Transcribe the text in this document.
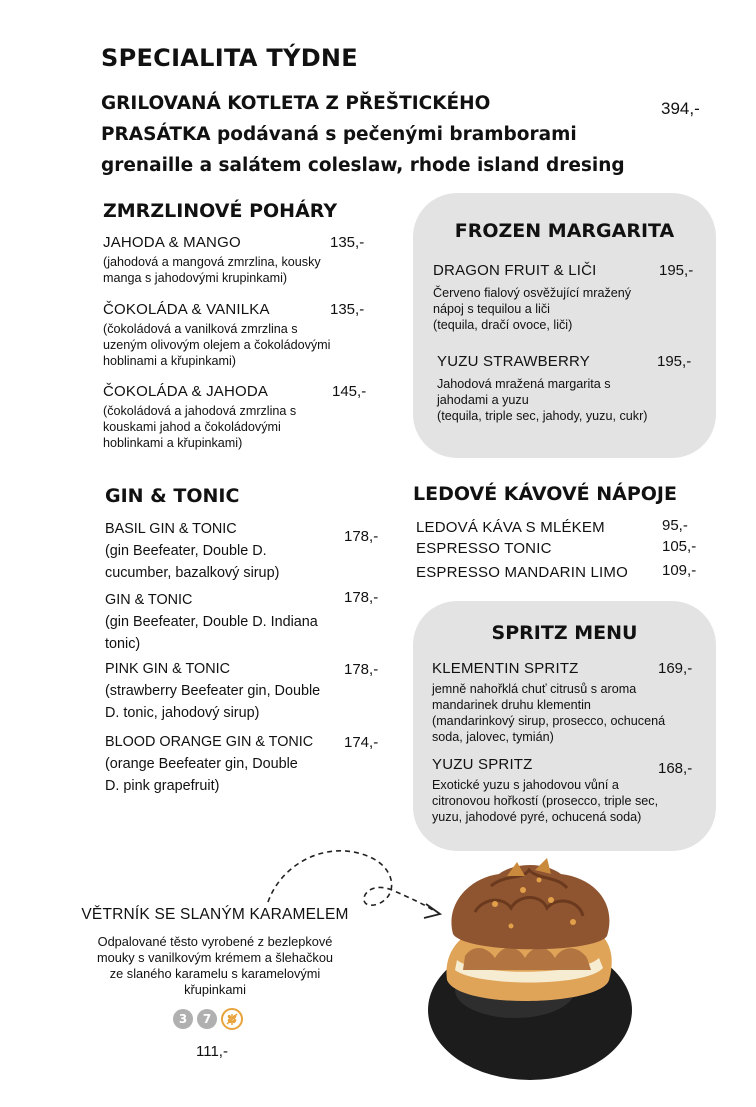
SPECIALITA TÝDNE
GRILOVANÁ KOTLETA Z PŘEŠTICKÉHO
PRASÁTKA podávaná s pečenými bramborami
grenaille a salátem coleslaw, rhode island dresing
394,-
ZMRZLINOVÉ POHÁRY
JAHODA & MANGO	135,-
(jahodová a mangová zmrzlina, kousky
manga s jahodovými krupinkami)
ČOKOLÁDA & VANILKA	135,-
(čokoládová a vanilková zmrzlina s
uzeným olivovým olejem a čokoládovými
hoblinami a křupinkami)
ČOKOLÁDA & JAHODA	145,-
(čokoládová a jahodová zmrzlina s
kouskami jahod a čokoládovými
hoblinkami a křupinkami)
FROZEN MARGARITA
DRAGON FRUIT & LIČI	195,-
Červeno fialový osvěžující mražený
nápoj s tequilou a liči
(tequila, dračí ovoce, liči)
YUZU STRAWBERRY	195,-
Jahodová mražená margarita s
jahodami a yuzu
(tequila, triple sec, jahody, yuzu, cukr)
GIN & TONIC
BASIL GIN & TONIC
(gin Beefeater, Double D.
cucumber, bazalkový sirup)
178,-
GIN & TONIC
(gin Beefeater, Double D. Indiana
tonic)
178,-
PINK GIN & TONIC
(strawberry Beefeater gin, Double
D. tonic, jahodový sirup)
178,-
BLOOD ORANGE GIN & TONIC
(orange Beefeater gin, Double
D. pink grapefruit)
174,-
LEDOVÉ KÁVOVÉ NÁPOJE
LEDOVÁ KÁVA S MLÉKEM	95,-
ESPRESSO TONIC	105,-
ESPRESSO MANDARIN LIMO 109,-
SPRITZ MENU
KLEMENTIN SPRITZ	169,-
jemně nahořklá chuť citrusů s aroma
mandarinek druhu klementin
(mandarinkový sirup, prosecco, ochucená
soda, jalovec, tymián)
YUZU SPRITZ	168,-
Exotické yuzu s jahodovou vůní a
citronovou hořkostí (prosecco, triple sec,
yuzu, jahodové pyré, ochucená soda)
VĚTRNÍK SE SLANÝM KARAMELEM
Odpalované těsto vyrobené z bezlepkové
mouky s vanilkovým krémem a šlehačkou
ze slaného karamelu s karamelovými
křupinkami
3	7
111,-
